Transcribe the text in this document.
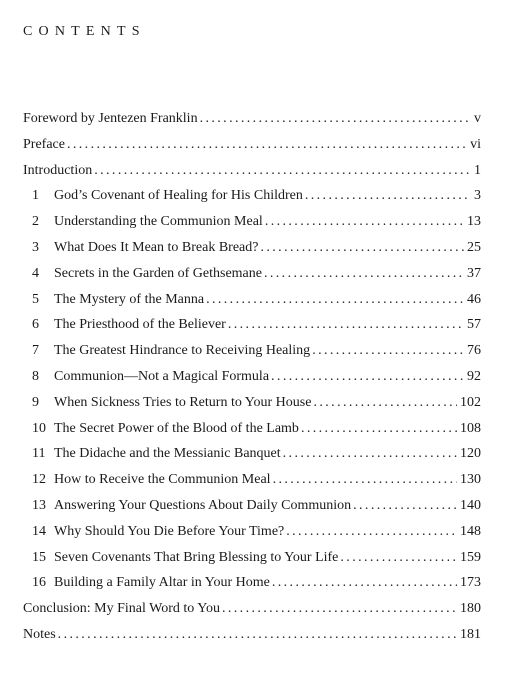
CONTENTS
Foreword by Jentezen Franklin .....	v
Preface .....	vi
Introduction .....	1
1	God’s Covenant of Healing for His Children .....	3
2	Understanding the Communion Meal .....	13
3	What Does It Mean to Break Bread? .....	25
4	Secrets in the Garden of Gethsemane .....	37
5	The Mystery of the Manna .....	46
6	The Priesthood of the Believer .....	57
7	The Greatest Hindrance to Receiving Healing .....	76
8	Communion—Not a Magical Formula .....	92
9	When Sickness Tries to Return to Your House .....	102
10 The Secret Power of the Blood of the Lamb .....	108
11 The Didache and the Messianic Banquet .....	120
12 How to Receive the Communion Meal .....	130
13 Answering Your Questions About Daily Communion .....	140
14 Why Should You Die Before Your Time? .....	148
15 Seven Covenants That Bring Blessing to Your Life .....	159
16 Building a Family Altar in Your Home .....	173
Conclusion: My Final Word to You .....	180
Notes .....	181
